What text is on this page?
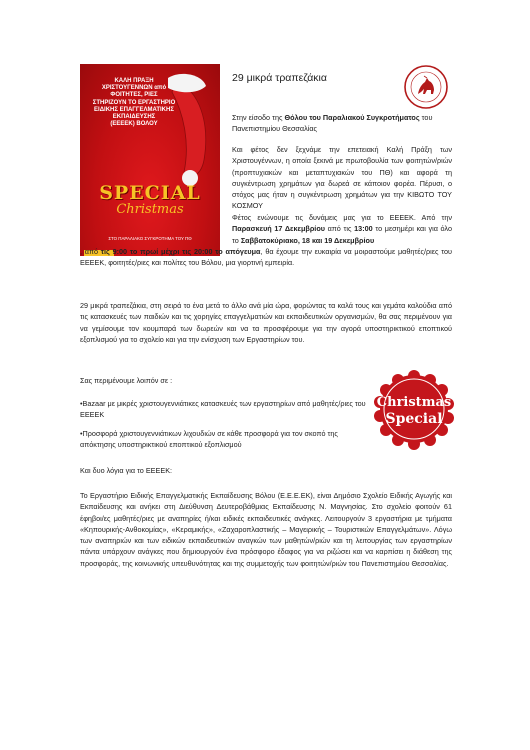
ΚΑΛΗ ΠΡΑΞΗ
ΧΡΙΣΤΟΥΓΕΝΝΩΝ από
ΦΟΙΤΗΤΕΣ, ΡΙΕΣ
ΣΤΗΡΙΖΟΥΝ ΤΟ ΕΡΓΑΣΤΗΡΙΟ
ΕΙΔΙΚΗΣ ΕΠΑΓΓΕΛΜΑΤΙΚΗΣ
ΕΚΠΑΙΔΕΥΣΗΣ
(ΕΕΕΕΚ) ΒΟΛΟΥ
SPECIAL
Christmas
ΣΤΟ ΠΑΡΑΛΙΑΚΟ ΣΥΓΚΡΟΤΗΜΑ ΤΟΥ ΠΘ
29 μικρά τραπεζάκια

Στην είσοδο της Θόλου του Παραλιακού Συγκροτήματος του Πανεπιστημίου Θεσσαλίας

Και φέτος δεν ξεχνάμε την επετειακή Καλή Πράξη των Χριστουγέννων, η οποία ξεκινά με πρωτοβουλία των φοιτητών/ριών (προπτυχιακών και μεταπτυχιακών του ΠΘ) και αφορά τη συγκέντρωση χρημάτων για δωρεά σε κάποιον φορέα. Πέρυσι, ο στόχος μας ήταν η συγκέντρωση χρημάτων για την ΚΙΒΩΤΟ ΤΟΥ ΚΟΣΜΟΥ

Φέτος ενώνουμε τις δυνάμεις μας για το ΕΕΕΕΚ. Από την Παρασκευή 17 Δεκεμβρίου από τις 13:00 το μεσημέρι και για όλο το Σαββατοκύριακο, 18 και 19 Δεκεμβρίου
, από τις 9:00 το πρωί μέχρι τις 20:00 το απόγευμα, θα έχουμε την ευκαιρία να μοιραστούμε μαθητές/ριες του ΕΕΕΕΚ, φοιτητές/ριες και πολίτες του Βόλου, μια γιορτινή εμπειρία.

29 μικρά τραπεζάκια, στη σειρά το ένα μετά το άλλο ανά μία ώρα, φορώντας τα καλά τους και γεμάτα καλούδια από τις κατασκευές των παιδιών και τις χορηγίες επαγγελματιών και εκπαιδευτικών οργανισμών, θα σας περιμένουν για να γεμίσουμε τον κουμπαρά των δωρεών και να τα προσφέρουμε για την αγορά υποστηρικτικού εποπτικού εξοπλισμού για το σχολείο και για την ενίσχυση των Εργαστηρίων του.

Σας περιμένουμε λοιπόν σε :

•Bazaar με μικρές χριστουγεννιάτικες κατασκευές των εργαστηρίων από μαθητές/ριες του ΕΕΕΕΚ

•Προσφορά χριστουγεννιάτικων λιχουδιών σε κάθε προσφορά για τον σκοπό της απόκτησης υποστηρικτικού εποπτικού εξοπλισμού

Και δυο λόγια για το ΕΕΕΕΚ:

Το Εργαστήριο Ειδικής Επαγγελματικής Εκπαίδευσης Βόλου (Ε.Ε.Ε.ΕΚ), είναι Δημόσιο Σχολείο Ειδικής Αγωγής και Εκπαίδευσης και ανήκει στη Διεύθυνση Δευτεροβάθμιας Εκπαίδευσης Ν. Μαγνησίας. Στο σχολείο φοιτούν 61 έφηβοι/ες μαθητές/ριες με αναπηρίες ή/και ειδικές εκπαιδευτικές ανάγκες. Λειτουργούν 3 εργαστήρια με τμήματα «Κηπουρικής-Ανθοκομίας», «Κεραμικής», «Ζαχαροπλαστικής – Μαγειρικής – Τουριστικών Επαγγελμάτων». Λόγω των αναπηριών και των ειδικών εκπαιδευτικών αναγκών των μαθητών/ριών και τη λειτουργίας των εργαστηρίων πάντα υπάρχουν ανάγκες που δημιουργούν ένα πρόσφορο έδαφος για να ριζώσει και να καρπίσει η διάθεση της προσφοράς, της κοινωνικής υπευθυνότητας και της συμμετοχής των φοιτητών/ριών του Πανεπιστημίου Θεσσαλίας.

Christmas
Special
